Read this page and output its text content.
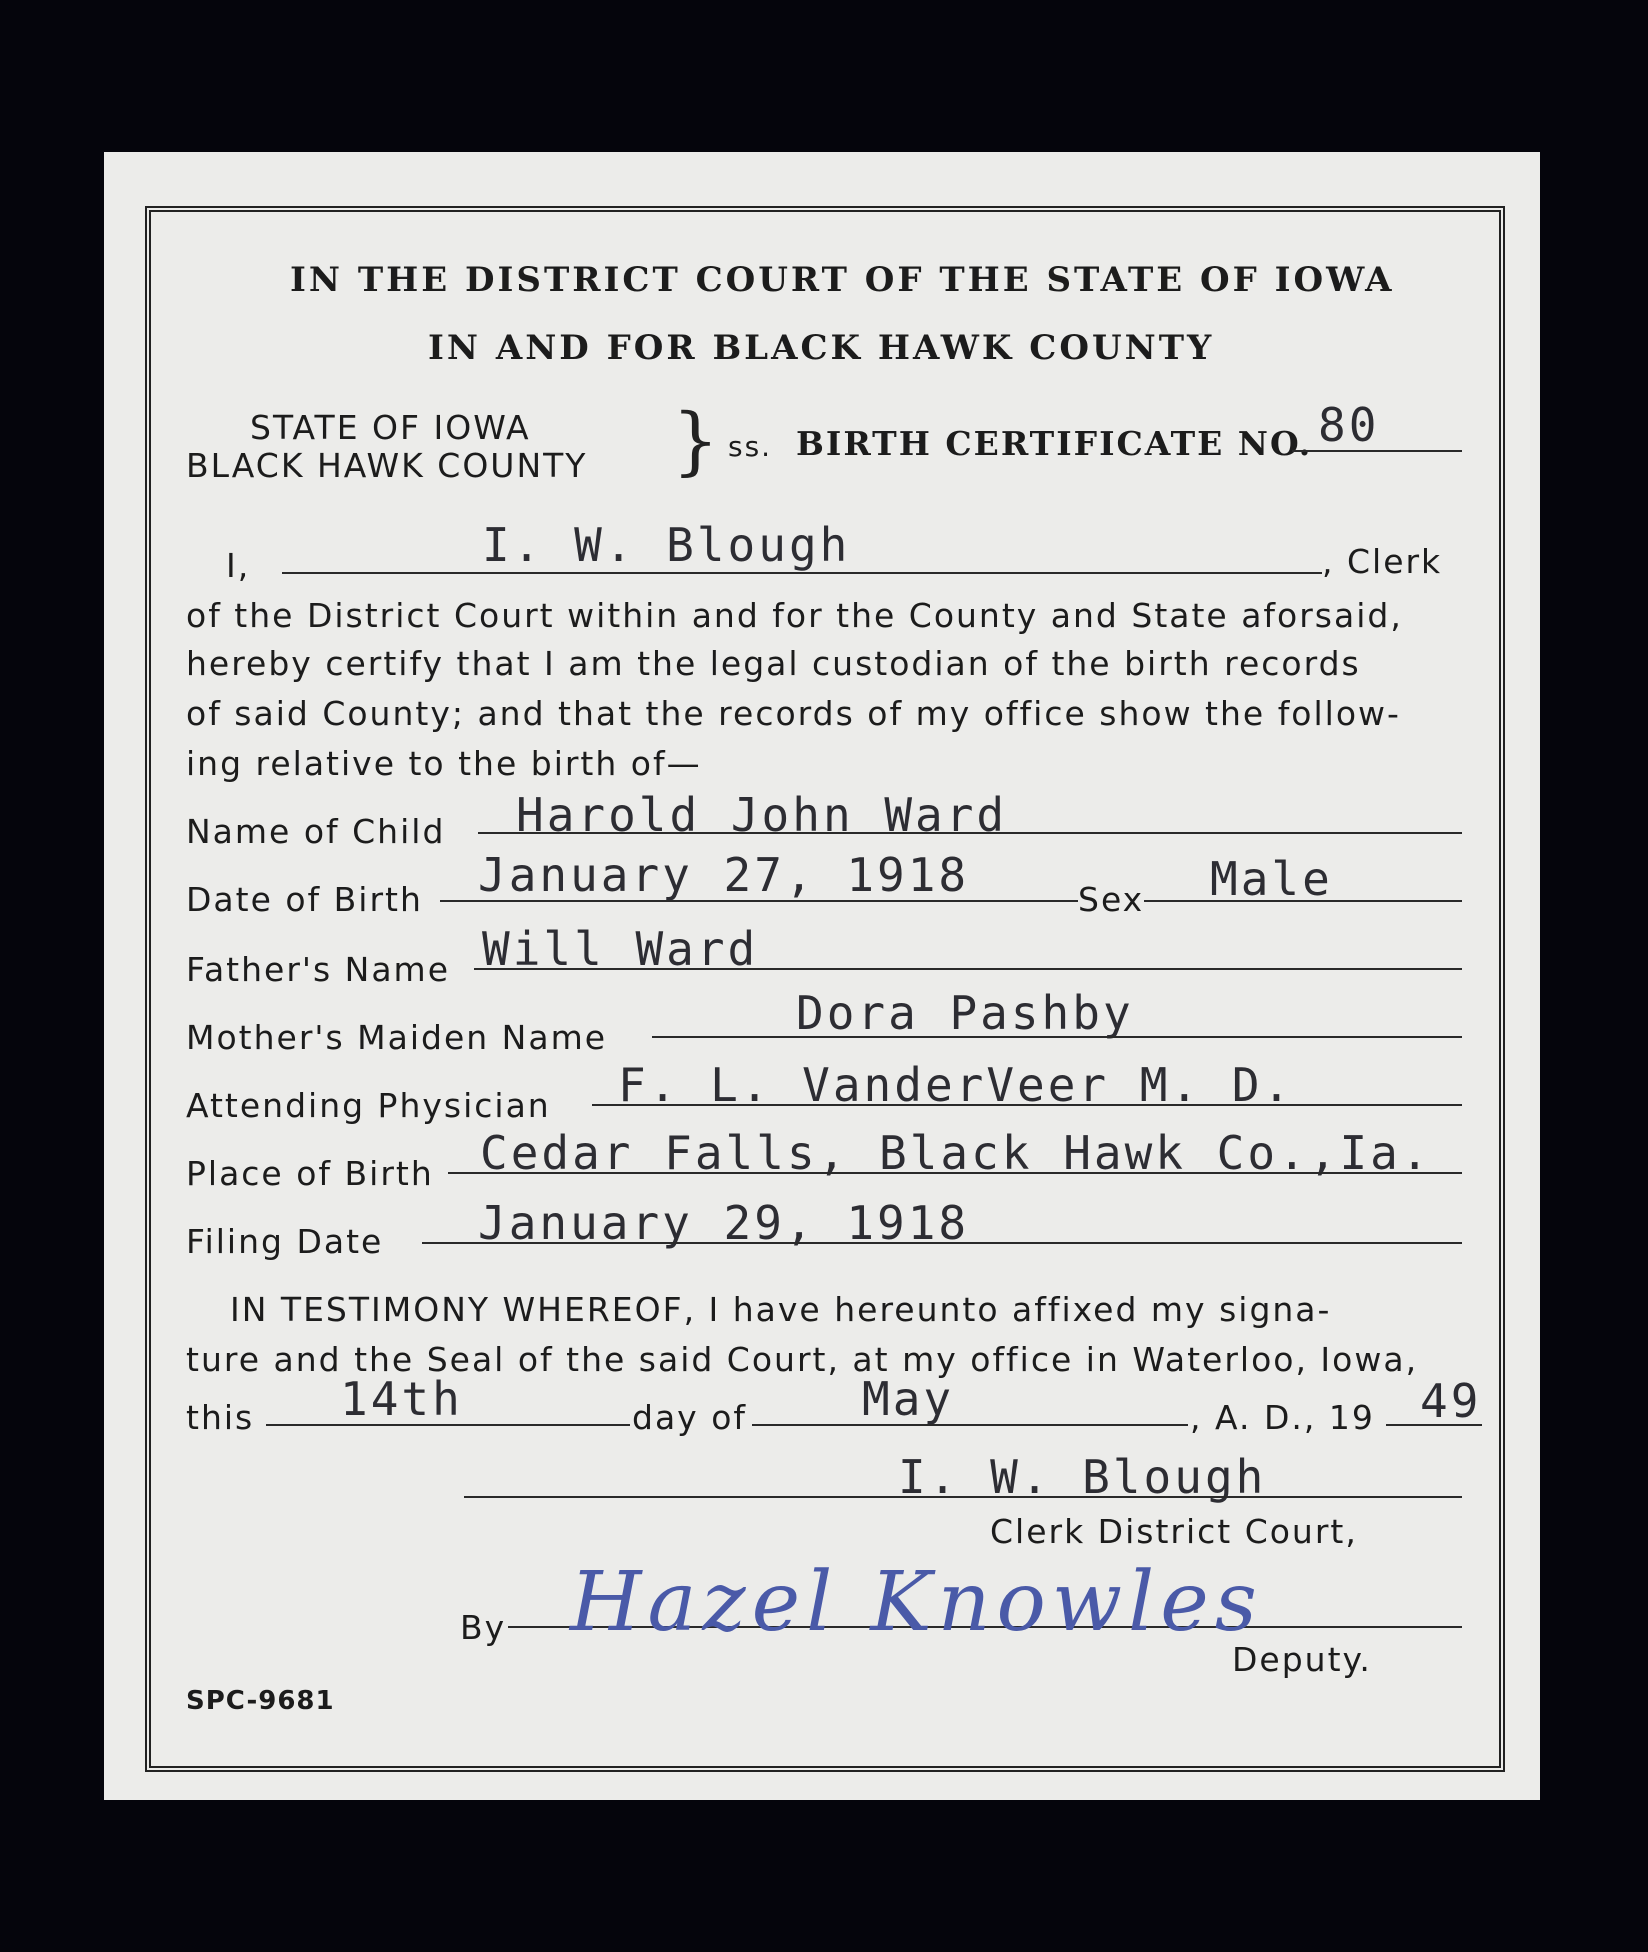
IN THE DISTRICT COURT OF THE STATE OF IOWA
IN AND FOR BLACK HAWK COUNTY
STATE OF IOWA
BLACK HAWK COUNTY } ss. BIRTH CERTIFICATE NO. 80
I,	I. W. Blough	, Clerk
of the District Court within and for the County and State aforsaid,
hereby certify that I am the legal custodian of the birth records
of said County; and that the records of my office show the follow-
ing relative to the birth of—
Name of Child Harold John Ward
Date of Birth January 27, 1918	Sex Male
Father's Name Will Ward
Mother's Maiden Name	Dora Pashby
Attending Physician F. L. VanderVeer M. D.
Place of Birth Cedar Falls, Black Hawk Co.,Ia.
Filing Date January 29, 1918
IN TESTIMONY WHEREOF, I have hereunto affixed my signa-
ture and the Seal of the said Court, at my office in Waterloo, Iowa,
this 14th	day of	May	, A. D., 19 49
I. W. Blough
Clerk District Court,
By Hazel Knowles
Deputy.
SPC-9681
